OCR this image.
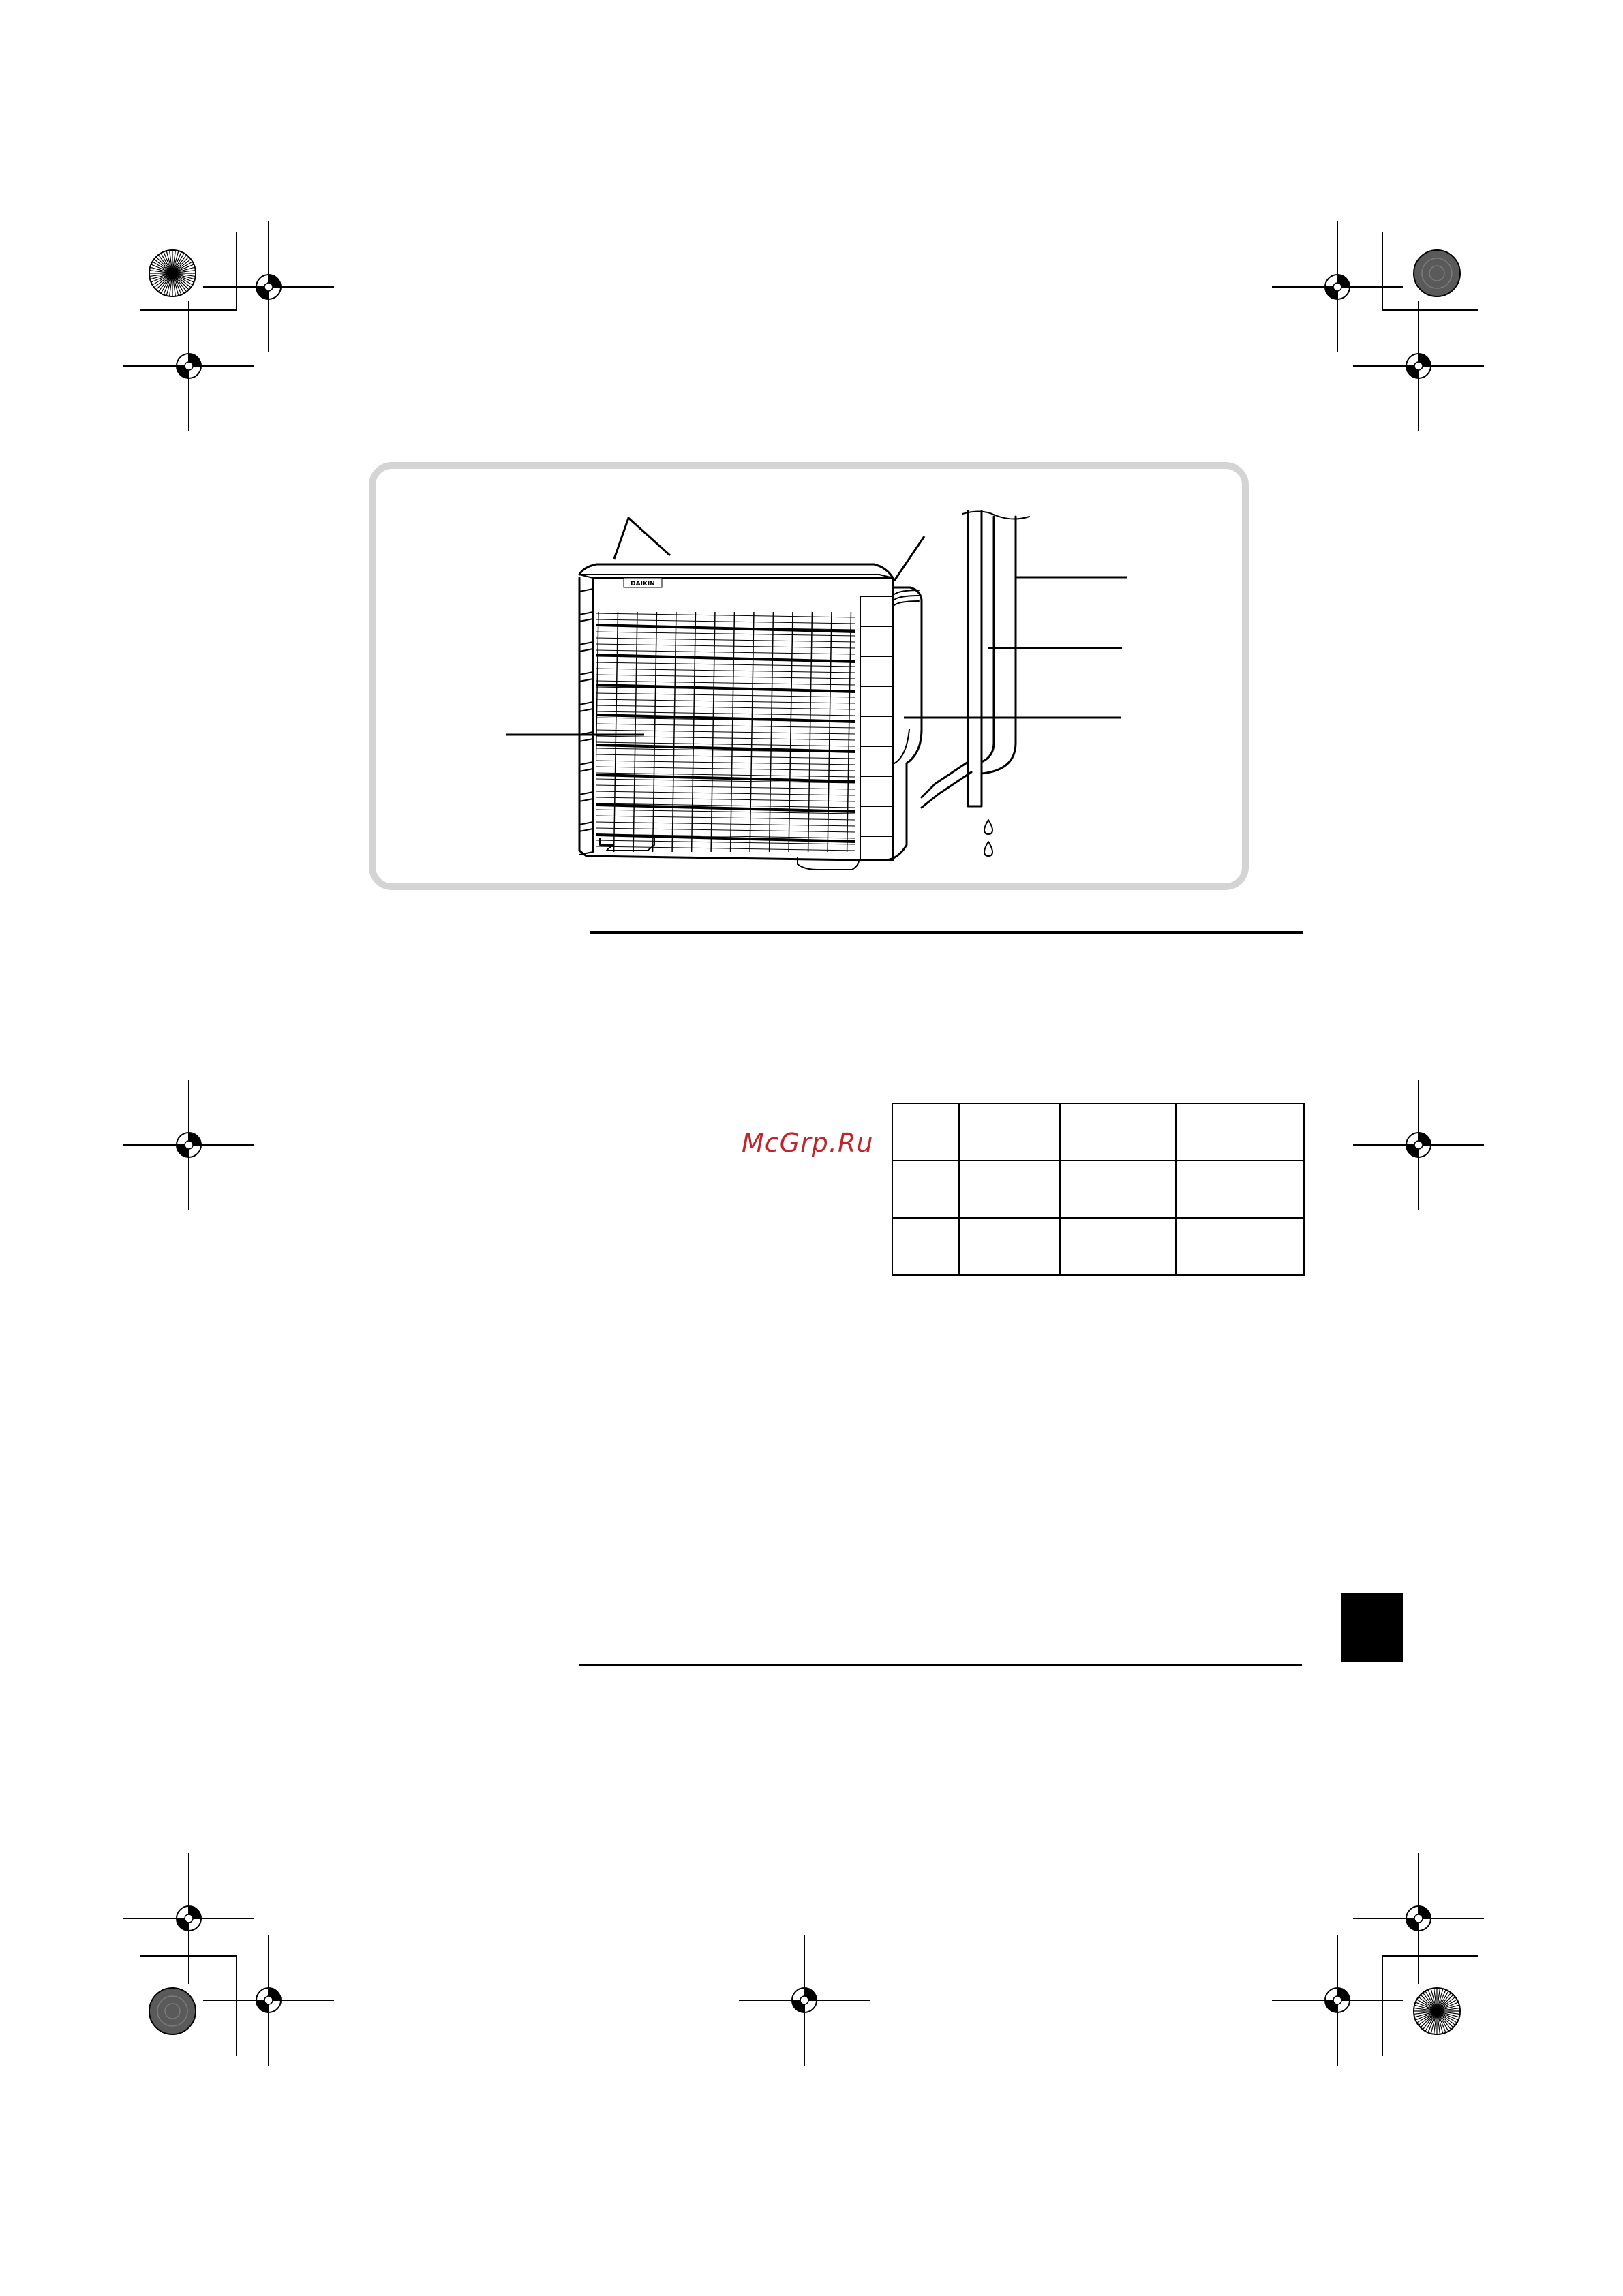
DAIKIN
McGrp.Ru
